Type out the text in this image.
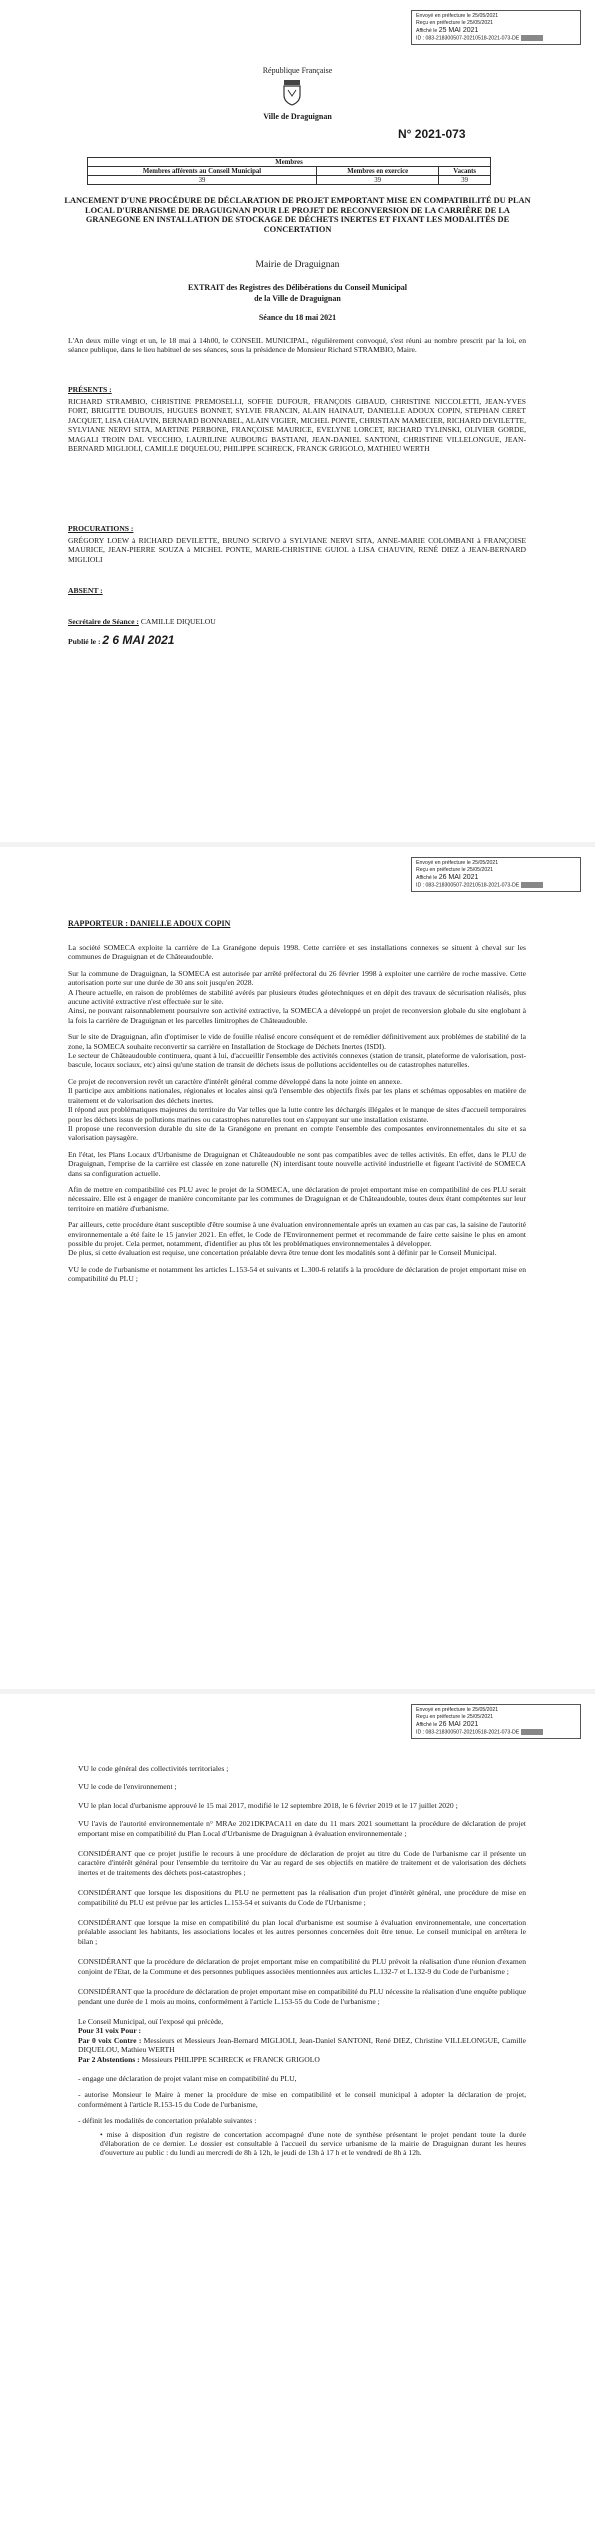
Envoyé en préfecture le 25/05/2021
Reçu en préfecture le 25/05/2021
Affiché le 25 MAI 2021
ID : 083-218300507-20210518-2021-073-DE
République Française
Ville de Draguignan
N° 2021-073
Membres		
Membres afférents au Conseil Municipal	Membres en exercice	Vacants
39	39	39
LANCEMENT D'UNE PROCÉDURE DE DÉCLARATION DE PROJET EMPORTANT MISE EN COMPATIBILITÉ DU PLAN LOCAL D'URBANISME DE DRAGUIGNAN POUR LE PROJET DE RECONVERSION DE LA CARRIÈRE DE LA GRANEGONE EN INSTALLATION DE STOCKAGE DE DÉCHETS INERTES ET FIXANT LES MODALITÉS DE CONCERTATION
Mairie de Draguignan
EXTRAIT des Registres des Délibérations du Conseil Municipal
de la Ville de Draguignan
Séance du 18 mai 2021
L'An deux mille vingt et un, le 18 mai à 14h00, le CONSEIL MUNICIPAL, régulièrement convoqué, s'est réuni au nombre prescrit par la loi, en séance publique, dans le lieu habituel de ses séances, sous la présidence de Monsieur Richard STRAMBIO, Maire.
PRÉSENTS :
RICHARD STRAMBIO, CHRISTINE PREMOSELLI, SOFFIE DUFOUR, FRANÇOIS GIBAUD, CHRISTINE NICCOLETTI, JEAN-YVES FORT, BRIGITTE DUBOUIS, HUGUES BONNET, SYLVIE FRANCIN, ALAIN HAINAUT, DANIELLE ADOUX COPIN, STEPHAN CERET JACQUET, LISA CHAUVIN, BERNARD BONNABEL, ALAIN VIGIER, MICHEL PONTE, CHRISTIAN MAMECIER, RICHARD DEVILETTE, SYLVIANE NERVI SITA, MARTINE PERBONE, FRANÇOISE MAURICE, EVELYNE LORCET, RICHARD TYLINSKI, OLIVIER GORDE, MAGALI TROIN DAL VECCHIO, LAURILINE AUBOURG BASTIANI, JEAN-DANIEL SANTONI, CHRISTINE VILLELONGUE, JEAN-BERNARD MIGLIOLI, CAMILLE DIQUELOU, PHILIPPE SCHRECK, FRANCK GRIGOLO, MATHIEU WERTH
PROCURATIONS :
GRÉGORY LOEW à RICHARD DEVILETTE, BRUNO SCRIVO à SYLVIANE NERVI SITA, ANNE-MARIE COLOMBANI à FRANÇOISE MAURICE, JEAN-PIERRE SOUZA à MICHEL PONTE, MARIE-CHRISTINE GUIOL à LISA CHAUVIN, RENÉ DIEZ à JEAN-BERNARD MIGLIOLI
ABSENT :
Secrétaire de Séance : CAMILLE DIQUELOU
Publié le : 2 6 MAI 2021
Envoyé en préfecture le 25/05/2021
Reçu en préfecture le 25/05/2021
Affiché le 26 MAI 2021
ID : 083-218300507-20210518-2021-073-DE
RAPPORTEUR : DANIELLE ADOUX COPIN

La société SOMECA exploite la carrière de La Granégone depuis 1998. Cette carrière et ses installations connexes se situent à cheval sur les communes de Draguignan et de Châteaudouble.

Sur la commune de Draguignan, la SOMECA est autorisée par arrêté préfectoral du 26 février 1998 à exploiter une carrière de roche massive. Cette autorisation porte sur une durée de 30 ans soit jusqu'en 2028.
A l'heure actuelle, en raison de problèmes de stabilité avérés par plusieurs études géotechniques et en dépit des travaux de sécurisation réalisés, plus aucune activité extractive n'est effectuée sur le site.
Ainsi, ne pouvant raisonnablement poursuivre son activité extractive, la SOMECA a développé un projet de reconversion globale du site englobant à la fois la carrière de Draguignan et les parcelles limitrophes de Châteaudouble.

Sur le site de Draguignan, afin d'optimiser le vide de fouille réalisé encore conséquent et de remédier définitivement aux problèmes de stabilité de la zone, la SOMECA souhaite reconvertir sa carrière en Installation de Stockage de Déchets Inertes (ISDI).
Le secteur de Châteaudouble continuera, quant à lui, d'accueillir l'ensemble des activités connexes (station de transit, plateforme de valorisation, post-bascule, locaux sociaux, etc) ainsi qu'une station de transit de déchets issus de pollutions accidentelles ou de catastrophes naturelles.

Ce projet de reconversion revêt un caractère d'intérêt général comme développé dans la note jointe en annexe.
Il participe aux ambitions nationales, régionales et locales ainsi qu'à l'ensemble des objectifs fixés par les plans et schémas opposables en matière de traitement et de valorisation des déchets inertes.
Il répond aux problématiques majeures du territoire du Var telles que la lutte contre les déchargés illégales et le manque de sites d'accueil temporaires pour les déchets issus de pollutions marines ou catastrophes naturelles tout en s'appuyant sur une installation existante.
Il propose une reconversion durable du site de la Granégone en prenant en compte l'ensemble des composantes environnementales du site et sa valorisation paysagère.

En l'état, les Plans Locaux d'Urbanisme de Draguignan et Châteaudouble ne sont pas compatibles avec de telles activités. En effet, dans le PLU de Draguignan, l'emprise de la carrière est classée en zone naturelle (N) interdisant toute nouvelle activité industrielle et figeant l'activité de SOMECA dans sa configuration actuelle.

Afin de mettre en compatibilité ces PLU avec le projet de la SOMECA, une déclaration de projet emportant mise en compatibilité de ces PLU serait nécessaire. Elle est à engager de manière concomitante par les communes de Draguignan et de Châteaudouble, toutes deux étant compétentes sur leur territoire en matière d'urbanisme.

Par ailleurs, cette procédure étant susceptible d'être soumise à une évaluation environnementale après un examen au cas par cas, la saisine de l'autorité environnementale a été faite le 15 janvier 2021. En effet, le Code de l'Environnement permet et recommande de faire cette saisine le plus en amont possible du projet. Cela permet, notamment, d'identifier au plus tôt les problématiques environnementales à développer.
De plus, si cette évaluation est requise, une concertation préalable devra être tenue dont les modalités sont à définir par le Conseil Municipal.

VU le code de l'urbanisme et notamment les articles L.153-54 et suivants et L.300-6 relatifs à la procédure de déclaration de projet emportant mise en compatibilité du PLU ;

Envoyé en préfecture le 25/05/2021
Reçu en préfecture le 25/05/2021
Affiché le 26 MAI 2021
ID : 083-218300507-20210518-2021-073-DE

VU le code général des collectivités territoriales ;

VU le code de l'environnement ;

VU le plan local d'urbanisme approuvé le 15 mai 2017, modifié le 12 septembre 2018, le 6 février 2019 et le 17 juillet 2020 ;

VU l'avis de l'autorité environnementale n° MRAe 2021DKPACA11 en date du 11 mars 2021 soumettant la procédure de déclaration de projet emportant mise en compatibilité du Plan Local d'Urbanisme de Draguignan à évaluation environnementale ;

CONSIDÉRANT que ce projet justifie le recours à une procédure de déclaration de projet au titre du Code de l'urbanisme car il présente un caractère d'intérêt général pour l'ensemble du territoire du Var au regard de ses objectifs en matière de traitement et de valorisation des déchets inertes et de traitements des déchets post-catastrophes ;

CONSIDÉRANT que lorsque les dispositions du PLU ne permettent pas la réalisation d'un projet d'intérêt général, une procédure de mise en compatibilité du PLU est prévue par les articles L.153-54 et suivants du Code de l'Urbanisme ;

CONSIDÉRANT que lorsque la mise en compatibilité du plan local d'urbanisme est soumise à évaluation environnementale, une concertation préalable associant les habitants, les associations locales et les autres personnes concernées doit être tenue. Le conseil municipal en arrêtera le bilan ;

CONSIDÉRANT que la procédure de déclaration de projet emportant mise en compatibilité du PLU prévoit la réalisation d'une réunion d'examen conjoint de l'Etat, de la Commune et des personnes publiques associées mentionnées aux articles L.132-7 et L.132-9 du Code de l'urbanisme ;

CONSIDÉRANT que la procédure de déclaration de projet emportant mise en compatibilité du PLU nécessite la réalisation d'une enquête publique pendant une durée de 1 mois au moins, conformément à l'article L.153-55 du Code de l'urbanisme ;

Le Conseil Municipal, ouï l'exposé qui précède,
Pour 31 voix Pour :
Par 0 voix Contre : Messieurs et Messieurs Jean-Bernard MIGLIOLI, Jean-Daniel SANTONI, René DIEZ, Christine VILLELONGUE, Camille DIQUELOU, Mathieu WERTH
Par 2 Abstentions : Messieurs PHILIPPE SCHRECK et FRANCK GRIGOLO

- engage une déclaration de projet valant mise en compatibilité du PLU,

- autorise Monsieur le Maire à mener la procédure de mise en compatibilité et le conseil municipal à adopter la déclaration de projet, conformément à l'article R.153-15 du Code de l'urbanisme,

- définit les modalités de concertation préalable suivantes :

• mise à disposition d'un registre de concertation accompagné d'une note de synthèse présentant le projet pendant toute la durée d'élaboration de ce dernier. Le dossier est consultable à l'accueil du service urbanisme de la mairie de Draguignan durant les heures d'ouverture au public : du lundi au mercredi de 8h à 12h, le jeudi de 13h à 17 h et le vendredi de 8h à 12h.
